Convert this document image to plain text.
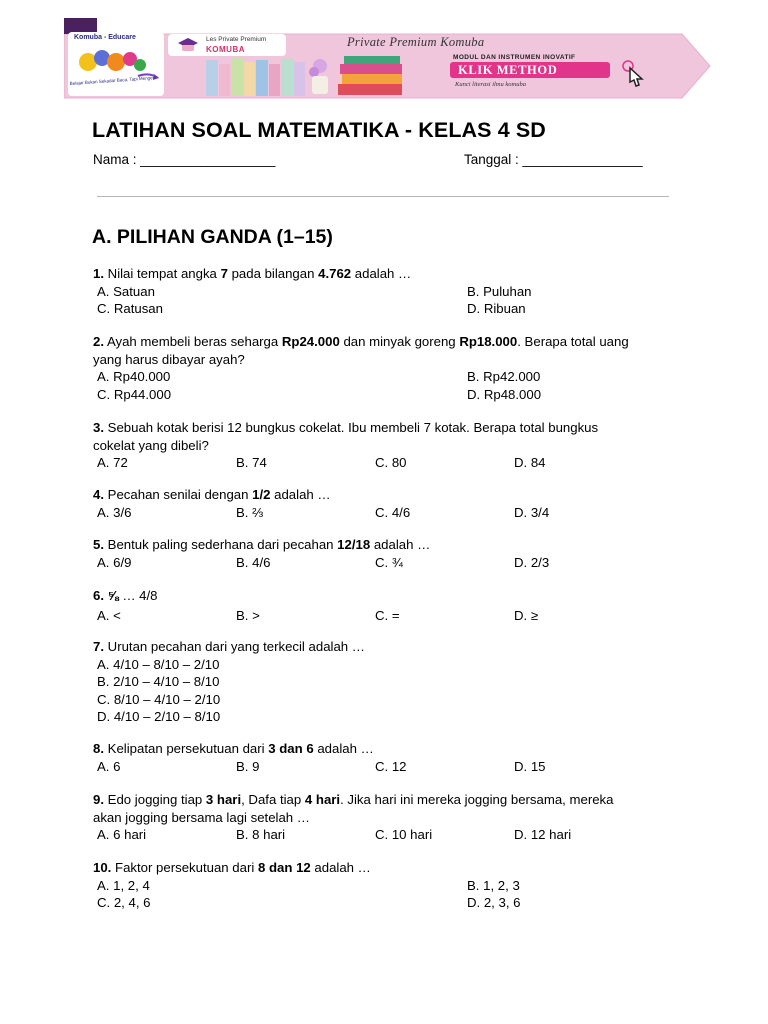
Komuba - Educare
Belajar Bukan Sekadar Baca, Tapi Mengerti
Les Private Premium
KOMUBA
Private Premium Komuba
MODUL DAN INSTRUMEN INOVATIF
KLIK METHOD
Kunci literasi ilmu komuba
LATIHAN SOAL MATEMATIKA - KELAS 4 SD
Nama : __________________	Tanggal : ________________
A. PILIHAN GANDA (1–15)

1. Nilai tempat angka 7 pada bilangan 4.762 adalah …

A. Satuan	B. Puluhan
C. Ratusan	D. Ribuan

2. Ayah membeli beras seharga Rp24.000 dan minyak goreng Rp18.000. Berapa total uang

yang harus dibayar ayah?

A. Rp40.000	B. Rp42.000
C. Rp44.000	D. Rp48.000

3. Sebuah kotak berisi 12 bungkus cokelat. Ibu membeli 7 kotak. Berapa total bungkus

cokelat yang dibeli?

A. 72	B. 74	C. 80	D. 84

4. Pecahan senilai dengan 1/2 adalah …

A. 3/6	B. ⅔	C. 4/6	D. 3/4

5. Bentuk paling sederhana dari pecahan 12/18 adalah …

A. 6/9	B. 4/6	C. ¾	D. 2/3

6. ⅝ … 4/8

A. <	B. >	C. =	D. ≥

7. Urutan pecahan dari yang terkecil adalah …

A. 4/10 – 8/10 – 2/10
B. 2/10 – 4/10 – 8/10
C. 8/10 – 4/10 – 2/10
D. 4/10 – 2/10 – 8/10

8. Kelipatan persekutuan dari 3 dan 6 adalah …

A. 6	B. 9	C. 12	D. 15

9. Edo jogging tiap 3 hari, Dafa tiap 4 hari. Jika hari ini mereka jogging bersama, mereka

akan jogging bersama lagi setelah …

A. 6 hari	B. 8 hari	C. 10 hari	D. 12 hari

10. Faktor persekutuan dari 8 dan 12 adalah …

A. 1, 2, 4	B. 1, 2, 3
C. 2, 4, 6	D. 2, 3, 6
